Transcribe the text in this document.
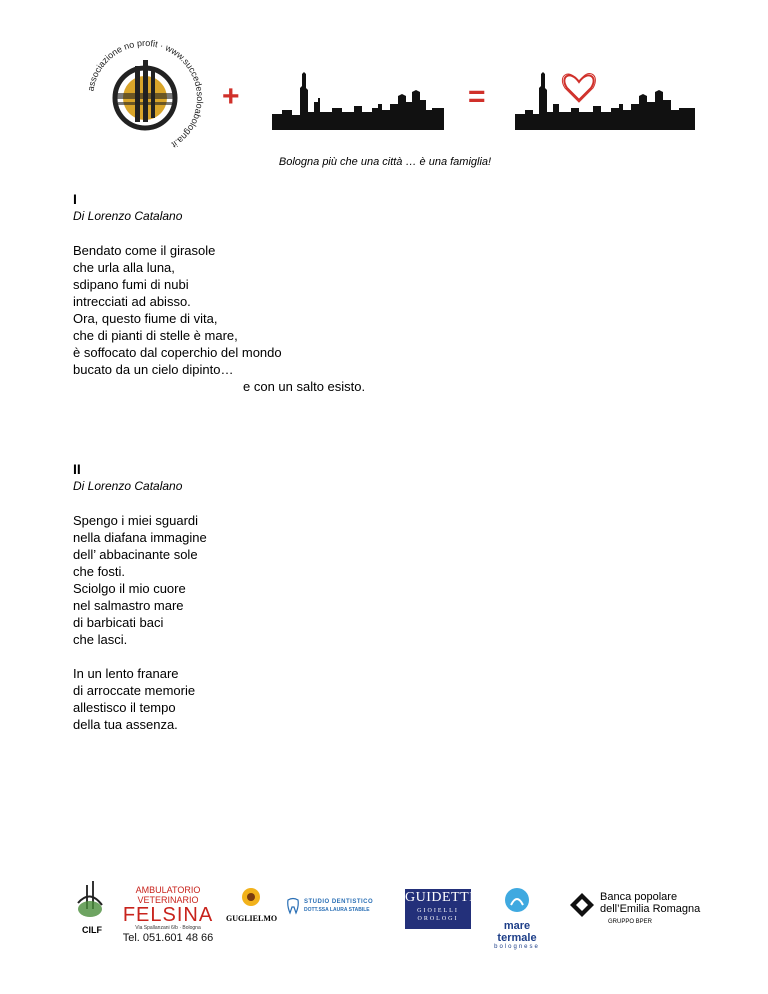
associazione no profit · www.succedesoloabologna.it
+	=
Bologna più che una città … è una famiglia!
I
Di Lorenzo Catalano
Bendato come il girasole
che urla alla luna,
sdipano fumi di nubi
intrecciati ad abisso.
Ora, questo fiume di vita,
che di pianti di stelle è mare,
è soffocato dal coperchio del mondo
bucato da un cielo dipinto…
e con un salto esisto.
II
Di Lorenzo Catalano
Spengo i miei sguardi
nella diafana immagine
dell’ abbacinante sole
che fosti.
Sciolgo il mio cuore
nel salmastro mare
di barbicati baci
che lasci.
In un lento franare
di arroccate memorie
allestisco il tempo
della tua assenza.
CILF
AMBULATORIO VETERINARIO
FELSINA
Via Spallanzani 6/b · Bologna
Tel. 051.601 48 66
GUGLIELMO
STUDIO DENTISTICO
DOTT.SSA LAURA STABILE
GUIDETTI
GIOIELLI OROLOGI
mare termale
bolognese
Banca popolare
dell’Emilia Romagna
GRUPPO BPER
